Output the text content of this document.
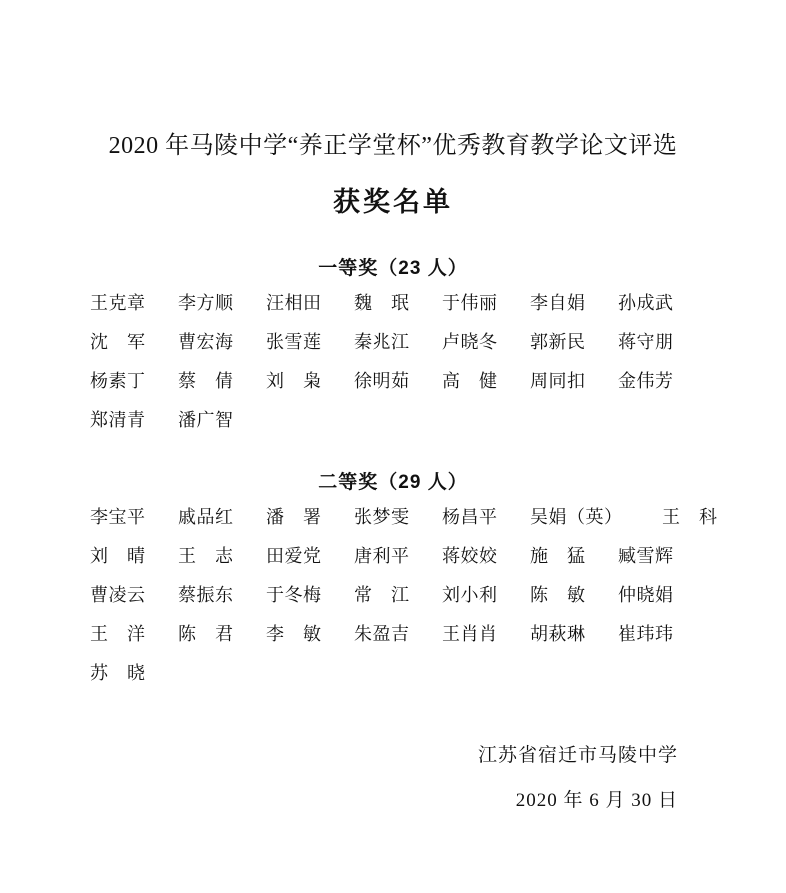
2020 年马陵中学“养正学堂杯”优秀教育教学论文评选
获奖名单
一等奖（23 人）
王克章	李方顺	汪相田	魏　珉	于伟丽	李自娟	孙成武
沈　军	曹宏海	张雪莲	秦兆江	卢晓冬	郭新民	蒋守朋
杨素丁	蔡　倩	刘　枭	徐明茹	高　健	周同扣	金伟芳
郑清青	潘广智
二等奖（29 人）
李宝平	戚品红	潘　署	张梦雯	杨昌平	吴娟（英）	王　科
刘　晴	王　志	田爱党	唐利平	蒋姣姣	施　猛	臧雪辉
曹凌云	蔡振东	于冬梅	常　江	刘小利	陈　敏	仲晓娟
王　洋	陈　君	李　敏	朱盈吉	王肖肖	胡萩琳	崔玮玮
苏　晓
江苏省宿迁市马陵中学
2020 年 6 月 30 日
